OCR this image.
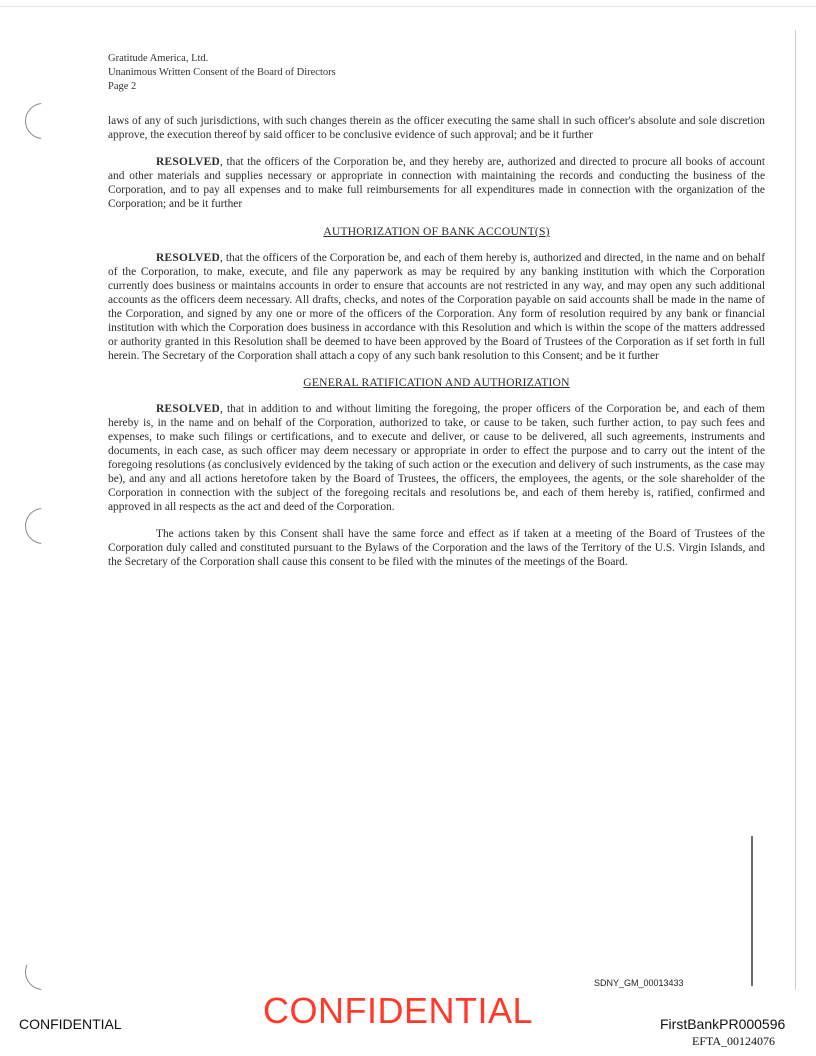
Gratitude America, Ltd.
Unanimous Written Consent of the Board of Directors
Page 2

laws of any of such jurisdictions, with such changes therein as the officer executing the same shall in such officer's absolute and sole discretion approve, the execution thereof by said officer to be conclusive evidence of such approval; and be it further

RESOLVED, that the officers of the Corporation be, and they hereby are, authorized and directed to procure all books of account and other materials and supplies necessary or appropriate in connection with maintaining the records and conducting the business of the Corporation, and to pay all expenses and to make full reimbursements for all expenditures made in connection with the organization of the Corporation; and be it further

AUTHORIZATION OF BANK ACCOUNT(S)

RESOLVED, that the officers of the Corporation be, and each of them hereby is, authorized and directed, in the name and on behalf of the Corporation, to make, execute, and file any paperwork as may be required by any banking institution with which the Corporation currently does business or maintains accounts in order to ensure that accounts are not restricted in any way, and may open any such additional accounts as the officers deem necessary. All drafts, checks, and notes of the Corporation payable on said accounts shall be made in the name of the Corporation, and signed by any one or more of the officers of the Corporation. Any form of resolution required by any bank or financial institution with which the Corporation does business in accordance with this Resolution and which is within the scope of the matters addressed or authority granted in this Resolution shall be deemed to have been approved by the Board of Trustees of the Corporation as if set forth in full herein. The Secretary of the Corporation shall attach a copy of any such bank resolution to this Consent; and be it further

GENERAL RATIFICATION AND AUTHORIZATION

RESOLVED, that in addition to and without limiting the foregoing, the proper officers of the Corporation be, and each of them hereby is, in the name and on behalf of the Corporation, authorized to take, or cause to be taken, such further action, to pay such fees and expenses, to make such filings or certifications, and to execute and deliver, or cause to be delivered, all such agreements, instruments and documents, in each case, as such officer may deem necessary or appropriate in order to effect the purpose and to carry out the intent of the foregoing resolutions (as conclusively evidenced by the taking of such action or the execution and delivery of such instruments, as the case may be), and any and all actions heretofore taken by the Board of Trustees, the officers, the employees, the agents, or the sole shareholder of the Corporation in connection with the subject of the foregoing recitals and resolutions be, and each of them hereby is, ratified, confirmed and approved in all respects as the act and deed of the Corporation.

The actions taken by this Consent shall have the same force and effect as if taken at a meeting of the Board of Trustees of the Corporation duly called and constituted pursuant to the Bylaws of the Corporation and the laws of the Territory of the U.S. Virgin Islands, and the Secretary of the Corporation shall cause this consent to be filed with the minutes of the meetings of the Board.

SDNY_GM_00013433
CONFIDENTIAL	CONFIDENTIAL	FirstBankPR000596
EFTA_00124076
